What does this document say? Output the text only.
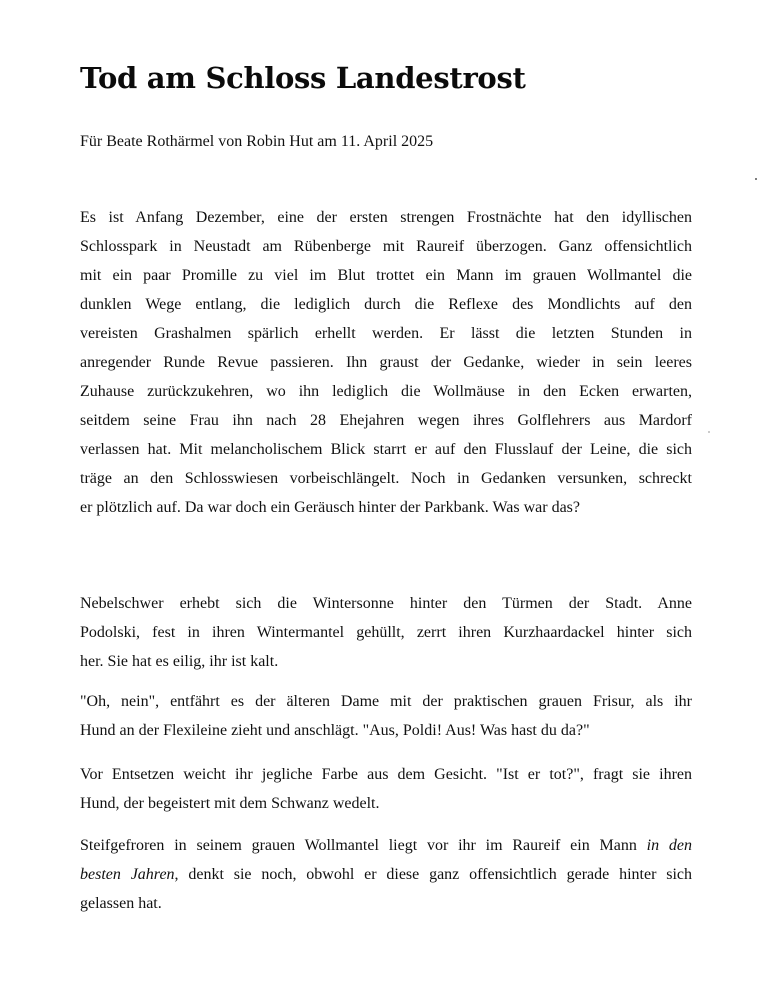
Tod am Schloss Landestrost

Für Beate Rothärmel von Robin Hut am 11. April 2025

Es ist Anfang Dezember, eine der ersten strengen Frostnächte hat den idyllischen
Schlosspark in Neustadt am Rübenberge mit Raureif überzogen. Ganz offensichtlich
mit ein paar Promille zu viel im Blut trottet ein Mann im grauen Wollmantel die
dunklen Wege entlang, die lediglich durch die Reflexe des Mondlichts auf den
vereisten Grashalmen spärlich erhellt werden. Er lässt die letzten Stunden in
anregender Runde Revue passieren. Ihn graust der Gedanke, wieder in sein leeres
Zuhause zurückzukehren, wo ihn lediglich die Wollmäuse in den Ecken erwarten,
seitdem seine Frau ihn nach 28 Ehejahren wegen ihres Golflehrers aus Mardorf
verlassen hat. Mit melancholischem Blick starrt er auf den Flusslauf der Leine, die sich
träge an den Schlosswiesen vorbeischlängelt. Noch in Gedanken versunken, schreckt
er plötzlich auf. Da war doch ein Geräusch hinter der Parkbank. Was war das?
Nebelschwer erhebt sich die Wintersonne hinter den Türmen der Stadt. Anne
Podolski, fest in ihren Wintermantel gehüllt, zerrt ihren Kurzhaardackel hinter sich
her. Sie hat es eilig, ihr ist kalt.
"Oh, nein", entfährt es der älteren Dame mit der praktischen grauen Frisur, als ihr
Hund an der Flexileine zieht und anschlägt. "Aus, Poldi! Aus! Was hast du da?"
Vor Entsetzen weicht ihr jegliche Farbe aus dem Gesicht. "Ist er tot?", fragt sie ihren
Hund, der begeistert mit dem Schwanz wedelt.
Steifgefroren in seinem grauen Wollmantel liegt vor ihr im Raureif ein Mann in den
besten Jahren, denkt sie noch, obwohl er diese ganz offensichtlich gerade hinter sich
gelassen hat.
